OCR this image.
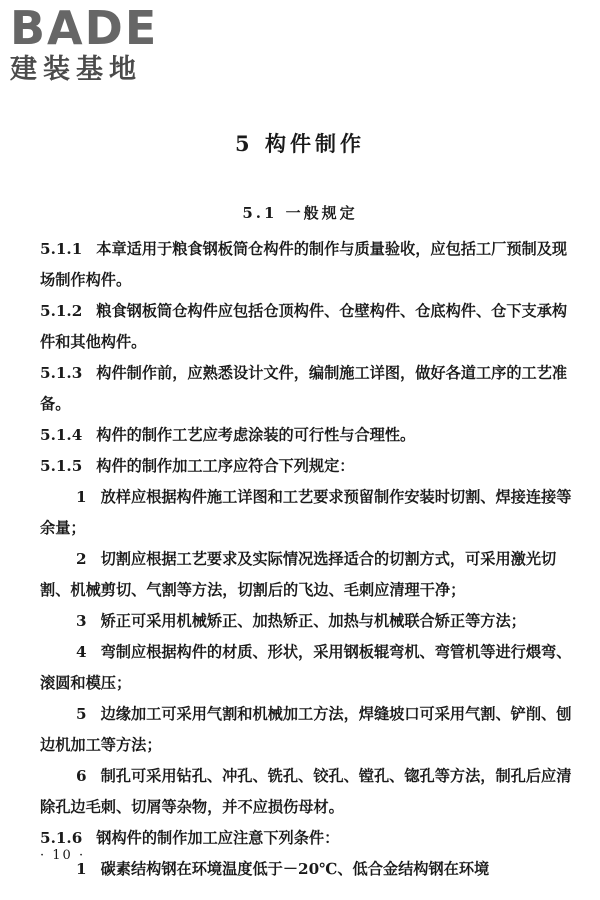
BADE
建装基地
5 构件制作
5.1 一般规定

5.1.1 本章适用于粮食钢板筒仓构件的制作与质量验收，应包括工厂预制及现场制作构件。

5.1.2 粮食钢板筒仓构件应包括仓顶构件、仓壁构件、仓底构件、仓下支承构件和其他构件。

5.1.3 构件制作前，应熟悉设计文件，编制施工详图，做好各道工序的工艺准备。

5.1.4 构件的制作工艺应考虑涂装的可行性与合理性。

5.1.5 构件的制作加工工序应符合下列规定：

1 放样应根据构件施工详图和工艺要求预留制作安装时切割、焊接连接等余量；

2 切割应根据工艺要求及实际情况选择适合的切割方式，可采用激光切割、机械剪切、气割等方法，切割后的飞边、毛刺应清理干净；

3 矫正可采用机械矫正、加热矫正、加热与机械联合矫正等方法；

4 弯制应根据构件的材质、形状，采用钢板辊弯机、弯管机等进行煨弯、滚圆和模压；

5 边缘加工可采用气割和机械加工方法，焊缝坡口可采用气割、铲削、刨边机加工等方法；

6 制孔可采用钻孔、冲孔、铣孔、铰孔、镗孔、锪孔等方法，制孔后应清除孔边毛刺、切屑等杂物，并不应损伤母材。

5.1.6 钢构件的制作加工应注意下列条件：

1 碳素结构钢在环境温度低于－20℃、低合金结构钢在环境

· 10 ·
